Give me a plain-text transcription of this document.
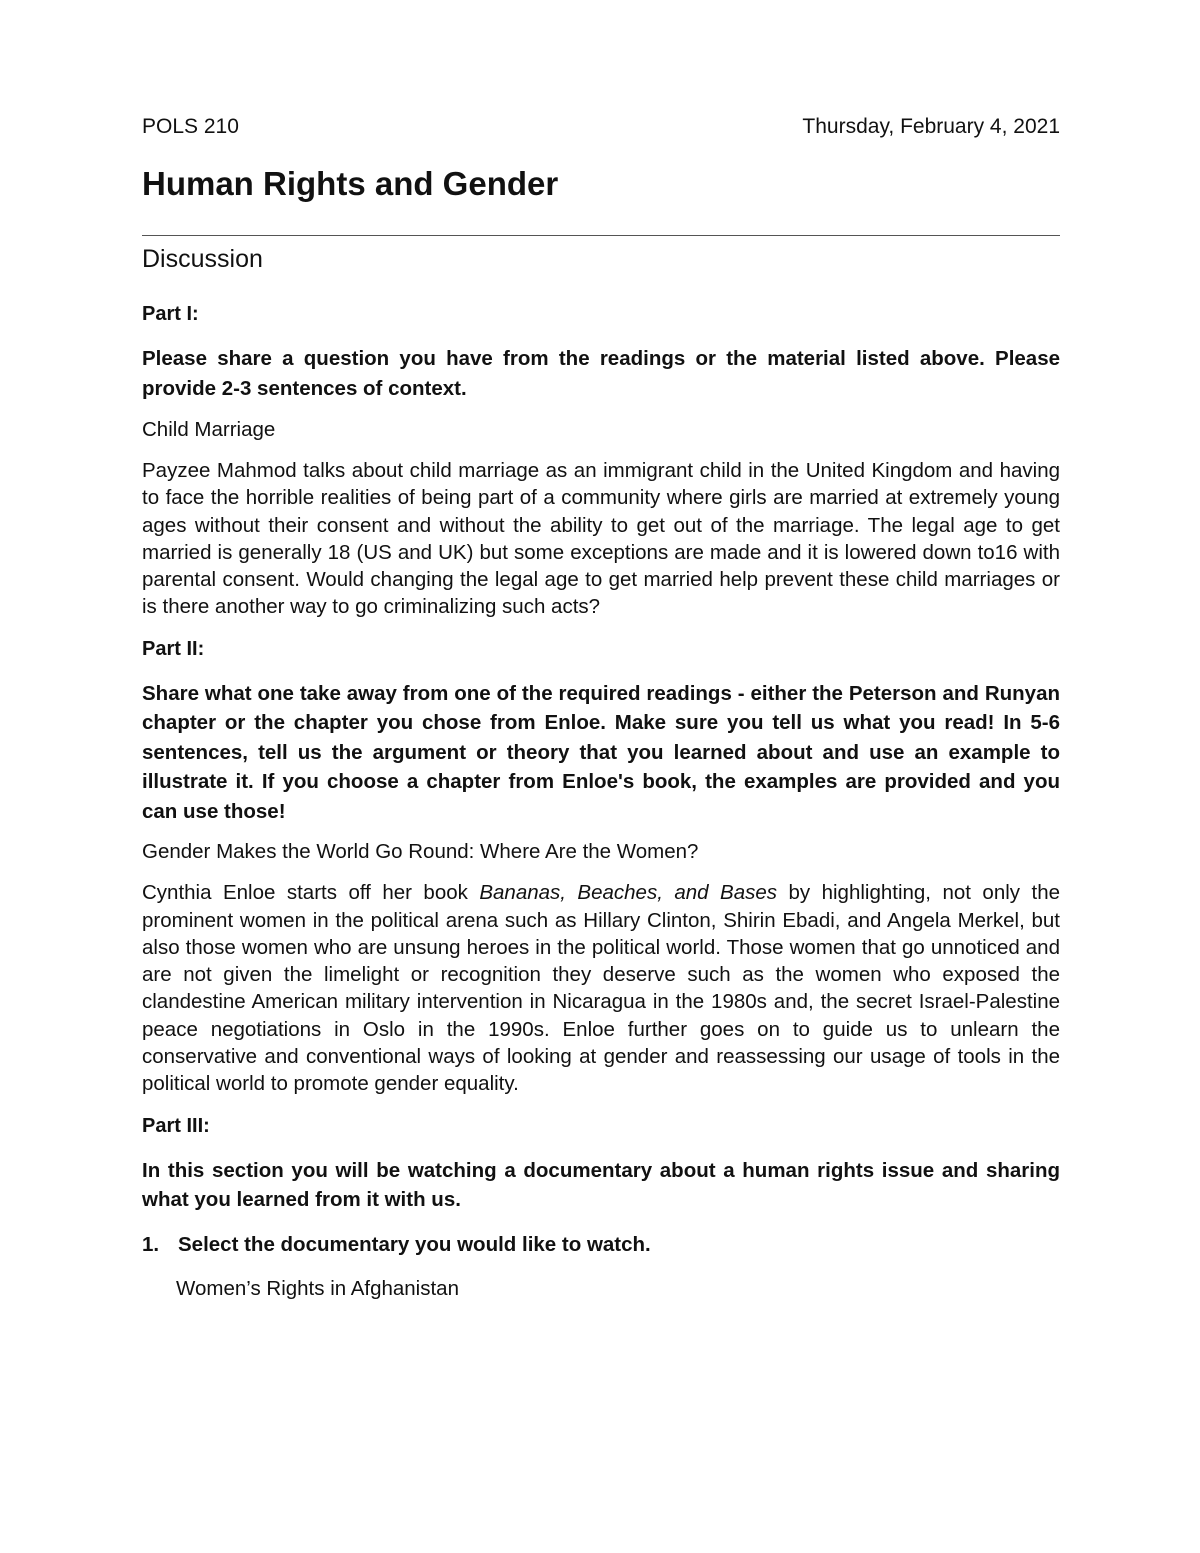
POLS 210	Thursday, February 4, 2021
Human Rights and Gender
Discussion

Part I:

Please share a question you have from the readings or the material listed above. Please provide 2-3 sentences of context.

Child Marriage

Payzee Mahmod talks about child marriage as an immigrant child in the United Kingdom and having to face the horrible realities of being part of a community where girls are married at extremely young ages without their consent and without the ability to get out of the marriage. The legal age to get married is generally 18 (US and UK) but some exceptions are made and it is lowered down to16 with parental consent. Would changing the legal age to get married help prevent these child marriages or is there another way to go criminalizing such acts?

Part II:

Share what one take away from one of the required readings - either the Peterson and Runyan chapter or the chapter you chose from Enloe. Make sure you tell us what you read! In 5-6 sentences, tell us the argument or theory that you learned about and use an example to illustrate it. If you choose a chapter from Enloe's book, the examples are provided and you can use those!

Gender Makes the World Go Round: Where Are the Women?

Cynthia Enloe starts off her book Bananas, Beaches, and Bases by highlighting, not only the prominent women in the political arena such as Hillary Clinton, Shirin Ebadi, and Angela Merkel, but also those women who are unsung heroes in the political world. Those women that go unnoticed and are not given the limelight or recognition they deserve such as the women who exposed the clandestine American military intervention in Nicaragua in the 1980s and, the secret Israel-Palestine peace negotiations in Oslo in the 1990s. Enloe further goes on to guide us to unlearn the conservative and conventional ways of looking at gender and reassessing our usage of tools in the political world to promote gender equality.

Part III:

In this section you will be watching a documentary about a human rights issue and sharing what you learned from it with us.

1. Select the documentary you would like to watch.

Women’s Rights in Afghanistan
